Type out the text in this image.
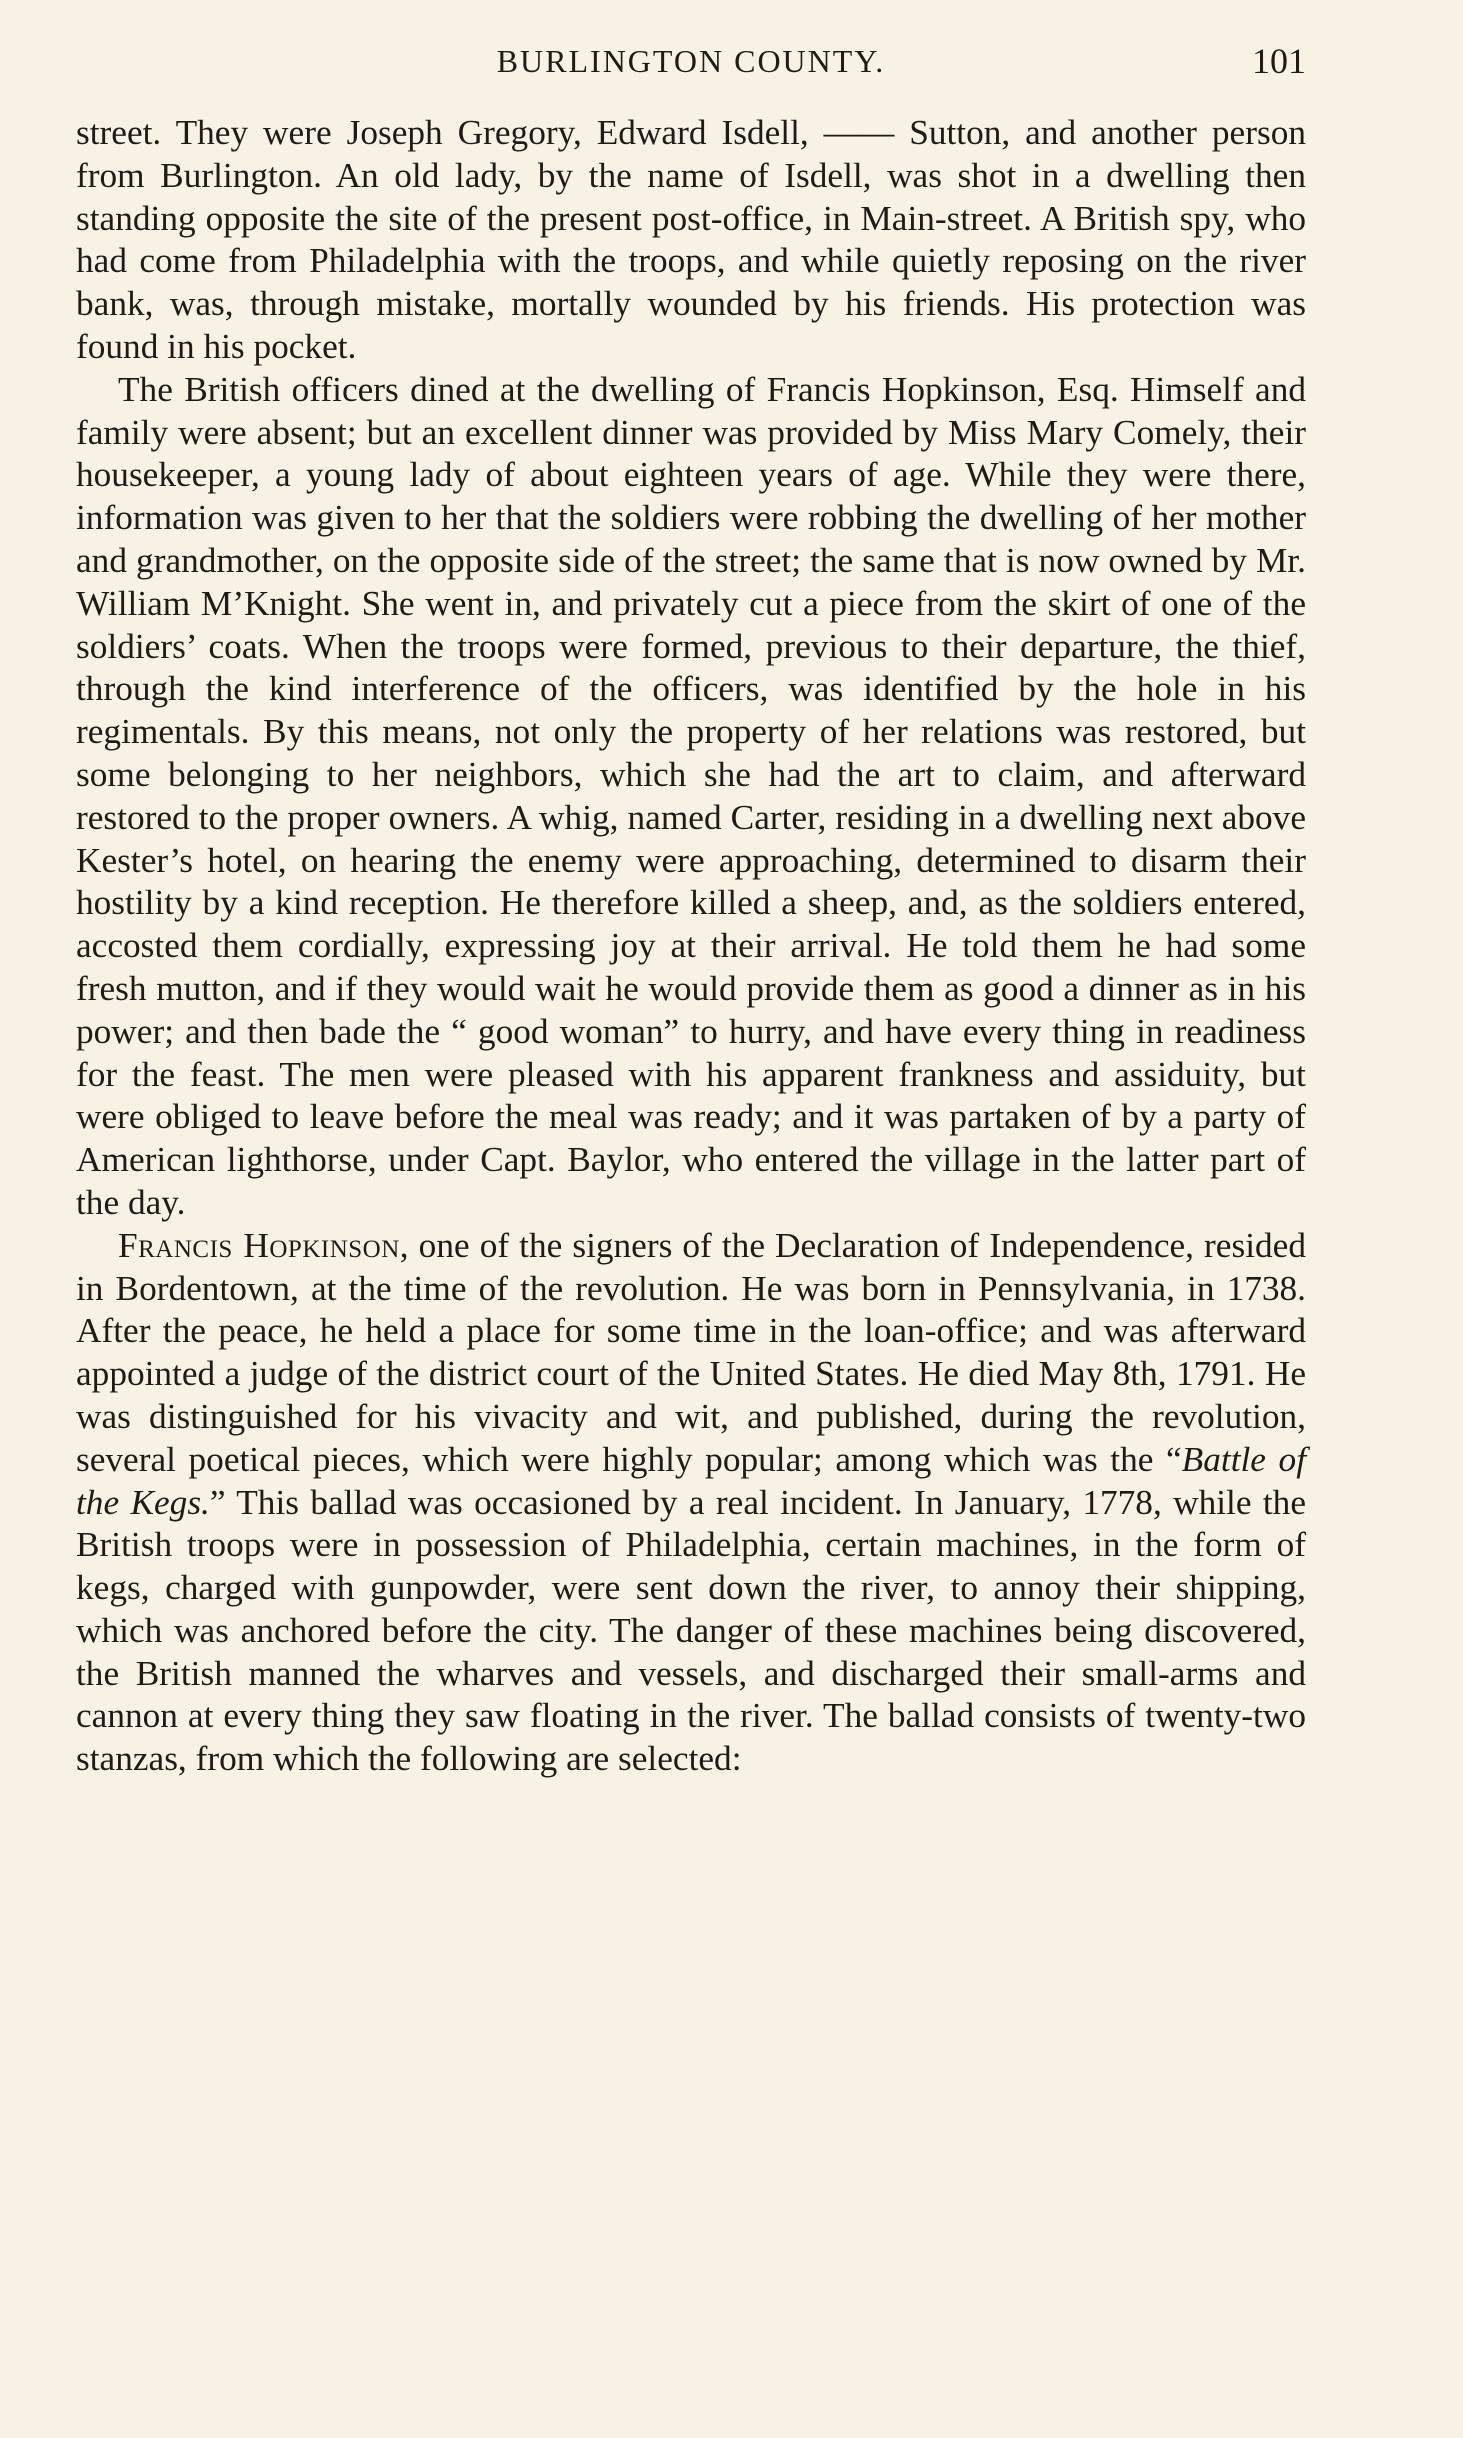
BURLINGTON COUNTY.	101

street. They were Joseph Gregory, Edward Isdell, —— Sutton, and another person from Burlington. An old lady, by the name of Isdell, was shot in a dwelling then standing opposite the site of the present post-office, in Main-street. A British spy, who had come from Philadelphia with the troops, and while quietly reposing on the river bank, was, through mistake, mortally wounded by his friends. His protection was found in his pocket.

The British officers dined at the dwelling of Francis Hopkinson, Esq. Himself and family were absent; but an excellent dinner was provided by Miss Mary Comely, their housekeeper, a young lady of about eighteen years of age. While they were there, information was given to her that the soldiers were robbing the dwelling of her mother and grandmother, on the opposite side of the street; the same that is now owned by Mr. William M’Knight. She went in, and privately cut a piece from the skirt of one of the soldiers’ coats. When the troops were formed, previous to their departure, the thief, through the kind interference of the officers, was identified by the hole in his regimentals. By this means, not only the property of her relations was restored, but some belonging to her neighbors, which she had the art to claim, and afterward restored to the proper owners. A whig, named Carter, residing in a dwelling next above Kester’s hotel, on hearing the enemy were approaching, determined to disarm their hostility by a kind reception. He therefore killed a sheep, and, as the soldiers entered, accosted them cordially, expressing joy at their arrival. He told them he had some fresh mutton, and if they would wait he would provide them as good a dinner as in his power; and then bade the “ good woman” to hurry, and have every thing in readiness for the feast. The men were pleased with his apparent frankness and assiduity, but were obliged to leave before the meal was ready; and it was partaken of by a party of American lighthorse, under Capt. Baylor, who entered the village in the latter part of the day.

Francis Hopkinson, one of the signers of the Declaration of Independence, resided in Bordentown, at the time of the revolution. He was born in Pennsylvania, in 1738. After the peace, he held a place for some time in the loan-office; and was afterward appointed a judge of the district court of the United States. He died May 8th, 1791. He was distinguished for his vivacity and wit, and published, during the revolution, several poetical pieces, which were highly popular; among which was the “Battle of the Kegs.” This ballad was occasioned by a real incident. In January, 1778, while the British troops were in possession of Philadelphia, certain machines, in the form of kegs, charged with gunpowder, were sent down the river, to annoy their shipping, which was anchored before the city. The danger of these machines being discovered, the British manned the wharves and vessels, and discharged their small-arms and cannon at every thing they saw floating in the river. The ballad consists of twenty-two stanzas, from which the following are selected:
